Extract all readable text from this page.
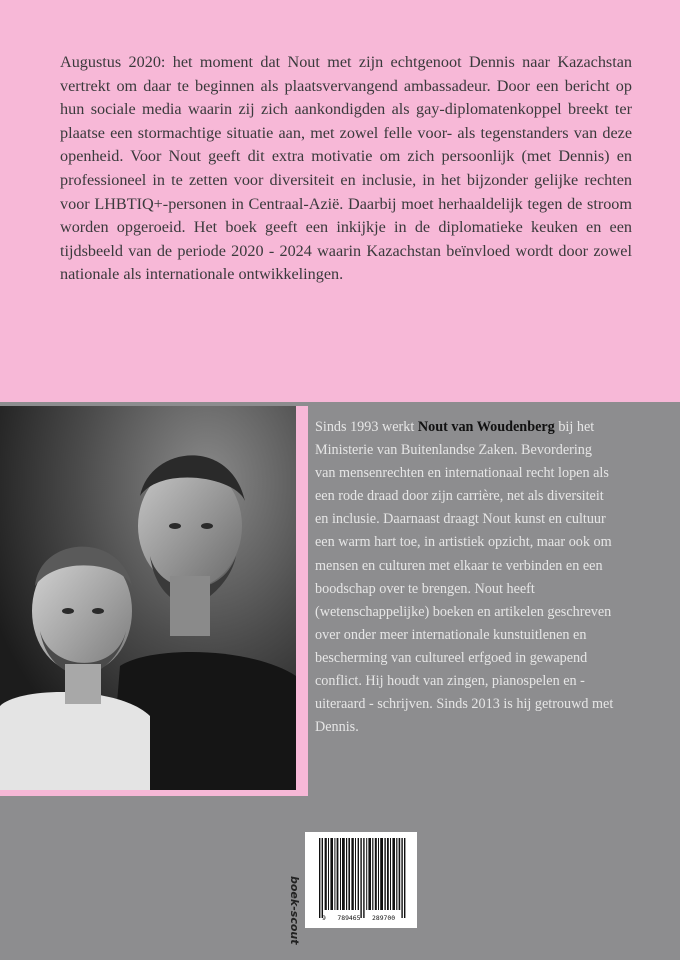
Augustus 2020: het moment dat Nout met zijn echtgenoot Dennis naar Kazachstan vertrekt om daar te beginnen als plaatsvervangend ambassadeur. Door een bericht op hun sociale media waarin zij zich aankondigden als gay-diplomatenkoppel breekt ter plaatse een stormachtige situatie aan, met zowel felle voor- als tegenstanders van deze openheid. Voor Nout geeft dit extra motivatie om zich persoonlijk (met Dennis) en professioneel in te zetten voor diversiteit en inclusie, in het bijzonder gelijke rechten voor LHBTIQ+-personen in Centraal-Azië. Daarbij moet herhaaldelijk tegen de stroom worden opgeroeid. Het boek geeft een inkijkje in de diplomatieke keuken en een tijdsbeeld van de periode 2020 - 2024 waarin Kazachstan beïnvloed wordt door zowel nationale als internationale ontwikkelingen.

Sinds 1993 werkt Nout van Woudenberg bij het Ministerie van Buitenlandse Zaken. Bevordering van mensenrechten en internationaal recht lopen als een rode draad door zijn carrière, net als diversiteit en inclusie. Daarnaast draagt Nout kunst en cultuur een warm hart toe, in artistiek opzicht, maar ook om mensen en culturen met elkaar te verbinden en een boodschap over te brengen. Nout heeft (wetenschappelijke) boeken en artikelen geschreven over onder meer internationale kunstuitlenen en bescherming van cultureel erfgoed in gewapend conflict. Hij houdt van zingen, pianospelen en - uiteraard - schrijven. Sinds 2013 is hij getrouwd met Dennis.

boek-scout	9   789465   289700
